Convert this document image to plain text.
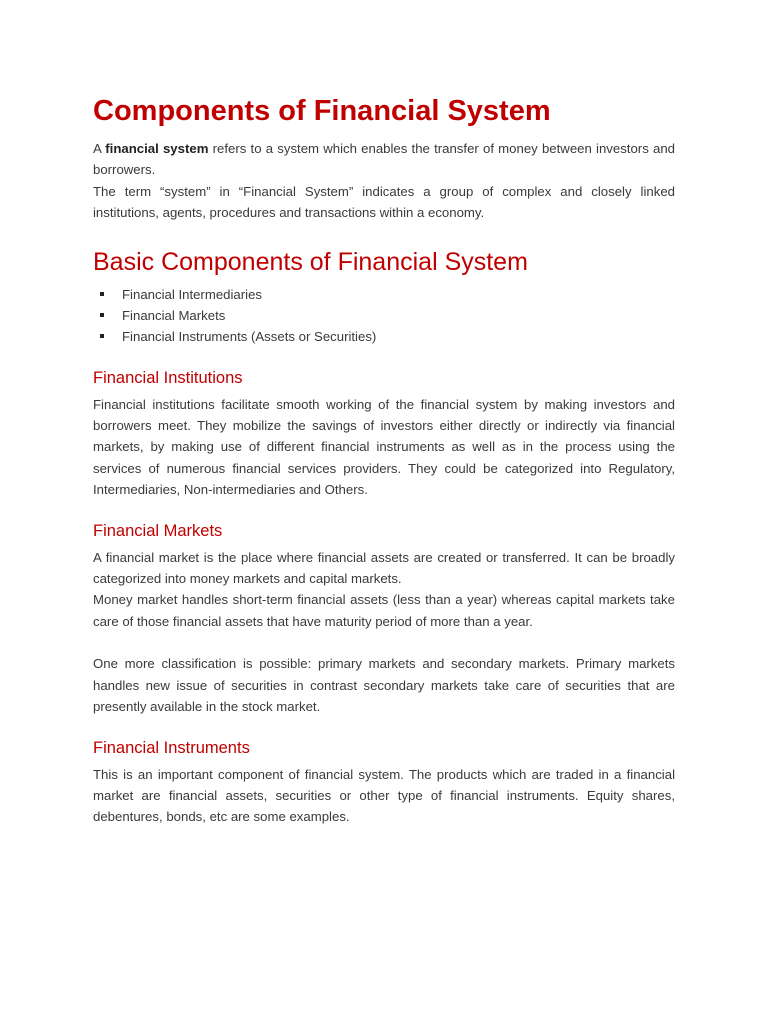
Components of Financial System

A financial system refers to a system which enables the transfer of money between investors and borrowers.

The term “system” in “Financial System” indicates a group of complex and closely linked institutions, agents, procedures and transactions within a economy.

Basic Components of Financial System
Financial Intermediaries
Financial Markets
Financial Instruments (Assets or Securities)
Financial Institutions

Financial institutions facilitate smooth working of the financial system by making investors and borrowers meet. They mobilize the savings of investors either directly or indirectly via financial markets, by making use of different financial instruments as well as in the process using the services of numerous financial services providers. They could be categorized into Regulatory, Intermediaries, Non-intermediaries and Others.

Financial Markets

A financial market is the place where financial assets are created or transferred. It can be broadly categorized into money markets and capital markets.

Money market handles short-term financial assets (less than a year) whereas capital markets take care of those financial assets that have maturity period of more than a year.

One more classification is possible: primary markets and secondary markets. Primary markets handles new issue of securities in contrast secondary markets take care of securities that are presently available in the stock market.

Financial Instruments

This is an important component of financial system. The products which are traded in a financial market are financial assets, securities or other type of financial instruments. Equity shares, debentures, bonds, etc are some examples.
